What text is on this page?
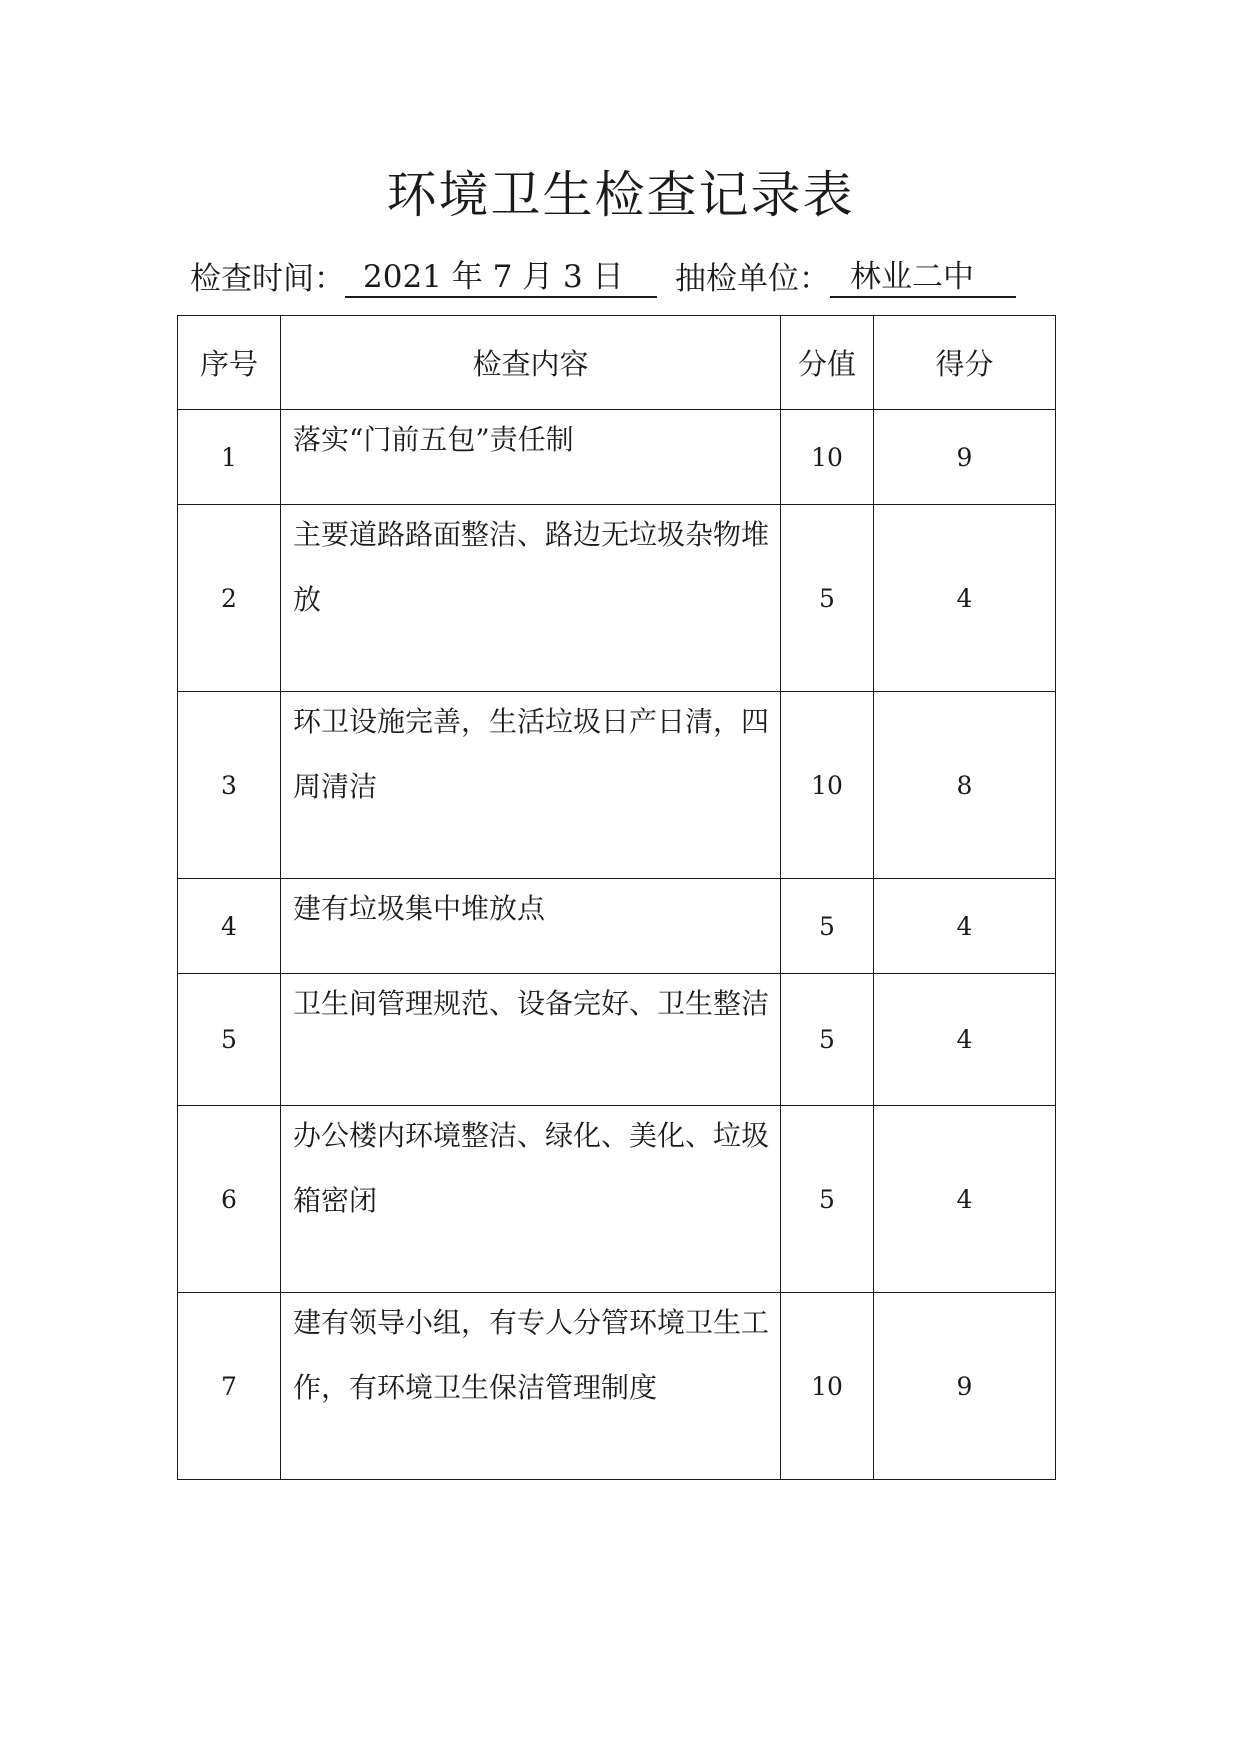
环境卫生检查记录表
检查时间： 2021 年 7 月 3 日 抽检单位： 林业二中
序号	检查内容	分值	得分
1	落实“门前五包”责任制	10	9
2	主要道路路面整洁、路边无垃圾杂物堆放	5	4
3	环卫设施完善，生活垃圾日产日清，四周清洁	10	8
4	建有垃圾集中堆放点	5	4
5	卫生间管理规范、设备完好、卫生整洁	5	4
6	办公楼内环境整洁、绿化、美化、垃圾箱密闭	5	4
7	建有领导小组，有专人分管环境卫生工作，有环境卫生保洁管理制度	10	9
